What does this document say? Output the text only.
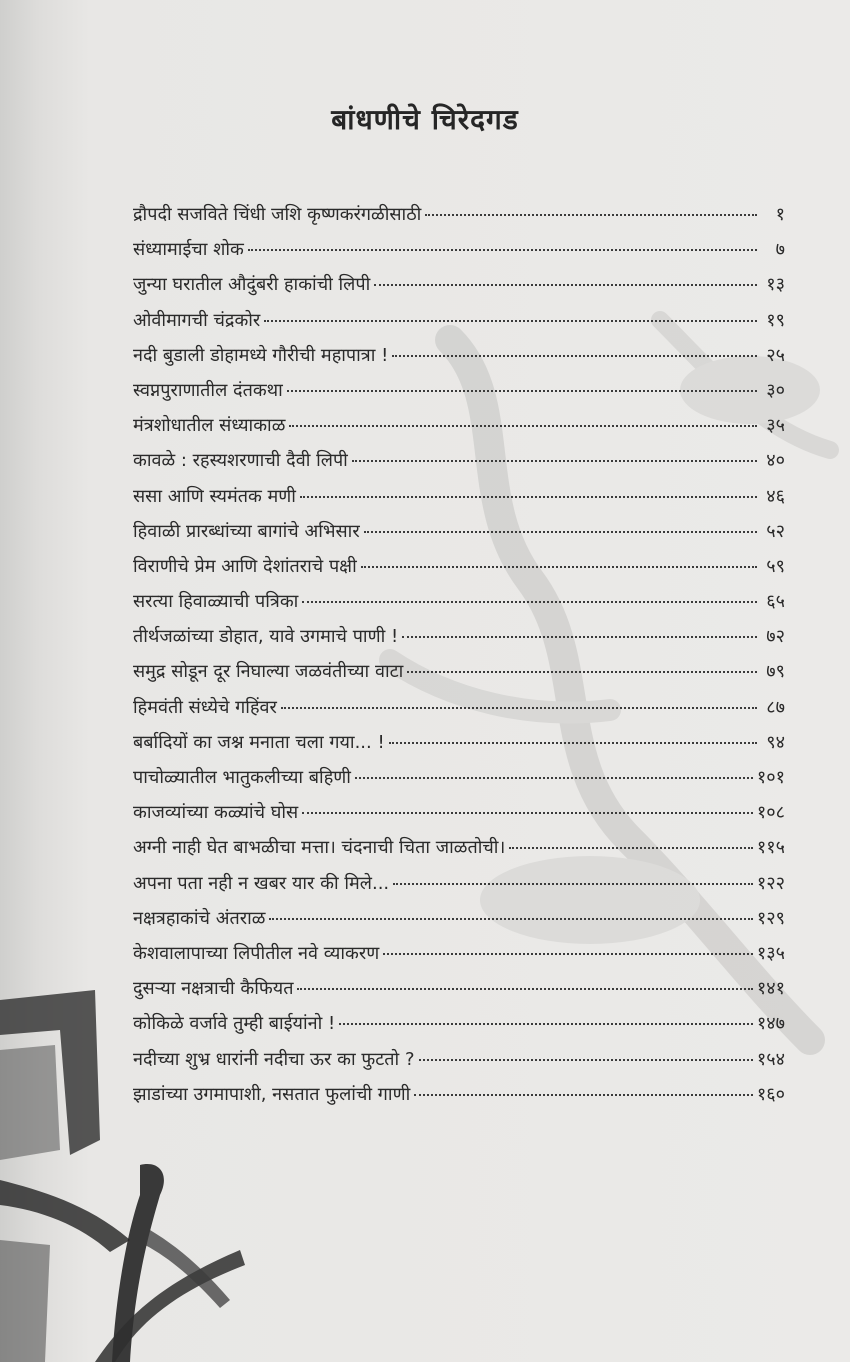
बांधणीचे चिरेदगड
द्रौपदी सजविते चिंधी जशि कृष्णकरंगळीसाठी	१
संध्यामाईचा शोक	७
जुन्या घरातील औदुंबरी हाकांची लिपी	१३
ओवीमागची चंद्रकोर	१९
नदी बुडाली डोहामध्ये गौरीची महापात्रा !	२५
स्वप्नपुराणातील दंतकथा	३०
मंत्रशोधातील संध्याकाळ	३५
कावळे : रहस्यशरणाची दैवी लिपी	४०
ससा आणि स्यमंतक मणी	४६
हिवाळी प्रारब्धांच्या बागांचे अभिसार	५२
विराणीचे प्रेम आणि देशांतराचे पक्षी	५९
सरत्या हिवाळ्याची पत्रिका	६५
तीर्थजळांच्या डोहात, यावे उगमाचे पाणी !	७२
समुद्र सोडून दूर निघाल्या जळवंतीच्या वाटा	७९
हिमवंती संध्येचे गहिंवर	८७
बर्बादियों का जश्न मनाता चला गया... !	९४
पाचोळ्यातील भातुकलीच्या बहिणी	१०१
काजव्यांच्या कळ्यांचे घोस	१०८
अग्नी नाही घेत बाभळीचा मत्ता। चंदनाची चिता जाळतोची।	११५
अपना पता नही न खबर यार की मिले...	१२२
नक्षत्रहाकांचे अंतराळ	१२९
केशवालापाच्या लिपीतील नवे व्याकरण	१३५
दुसऱ्या नक्षत्राची कैफियत	१४१
कोकिळे वर्जावे तुम्ही बाईयांनो !	१४७
नदीच्या शुभ्र धारांनी नदीचा ऊर का फुटतो ?	१५४
झाडांच्या उगमापाशी, नसतात फुलांची गाणी	१६०
